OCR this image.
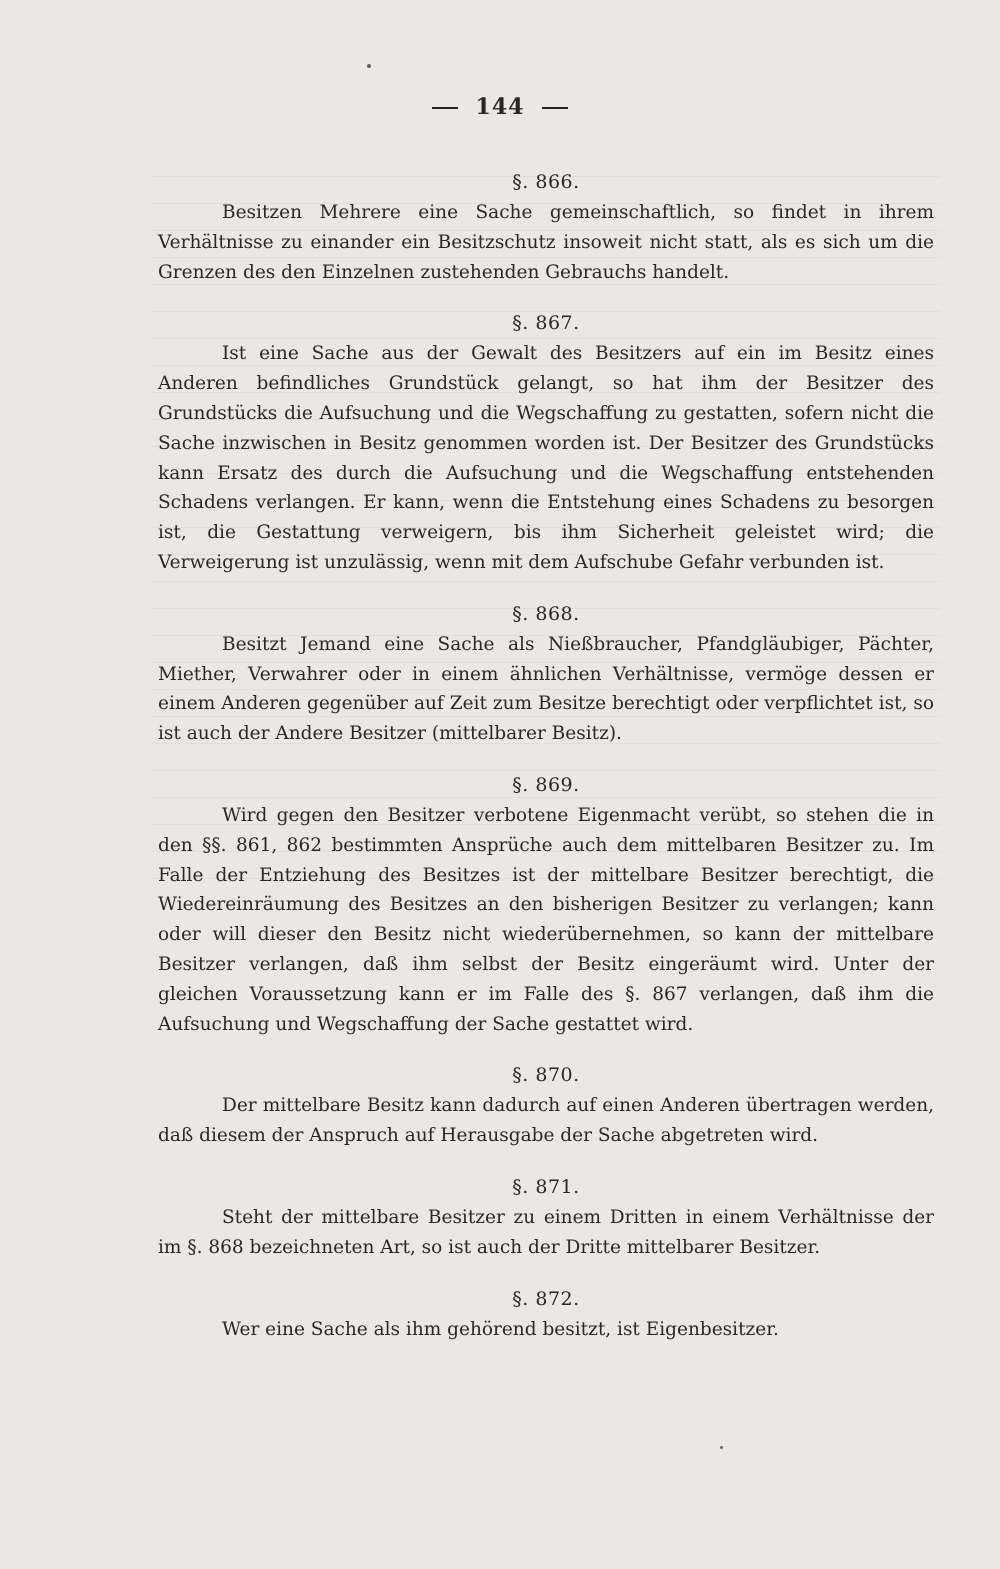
144
§. 866.

Besitzen Mehrere eine Sache gemeinschaftlich, so findet in ihrem Verhältnisse zu einander ein Besitzschutz insoweit nicht statt, als es sich um die Grenzen des den Einzelnen zustehenden Gebrauchs handelt.

§. 867.

Ist eine Sache aus der Gewalt des Besitzers auf ein im Besitz eines Anderen befindliches Grundstück gelangt, so hat ihm der Besitzer des Grundstücks die Aufsuchung und die Wegschaffung zu gestatten, sofern nicht die Sache inzwischen in Besitz genommen worden ist. Der Besitzer des Grundstücks kann Ersatz des durch die Aufsuchung und die Wegschaffung entstehenden Schadens verlangen. Er kann, wenn die Entstehung eines Schadens zu besorgen ist, die Gestattung verweigern, bis ihm Sicherheit geleistet wird; die Verweigerung ist unzulässig, wenn mit dem Aufschube Gefahr verbunden ist.

§. 868.

Besitzt Jemand eine Sache als Nießbraucher, Pfandgläubiger, Pächter, Miether, Verwahrer oder in einem ähnlichen Verhältnisse, vermöge dessen er einem Anderen gegenüber auf Zeit zum Besitze berechtigt oder verpflichtet ist, so ist auch der Andere Besitzer (mittelbarer Besitz).

§. 869.

Wird gegen den Besitzer verbotene Eigenmacht verübt, so stehen die in den §§. 861, 862 bestimmten Ansprüche auch dem mittelbaren Besitzer zu. Im Falle der Entziehung des Besitzes ist der mittelbare Besitzer berechtigt, die Wiedereinräumung des Besitzes an den bisherigen Besitzer zu verlangen; kann oder will dieser den Besitz nicht wiederübernehmen, so kann der mittelbare Besitzer verlangen, daß ihm selbst der Besitz eingeräumt wird. Unter der gleichen Voraussetzung kann er im Falle des §. 867 verlangen, daß ihm die Aufsuchung und Wegschaffung der Sache gestattet wird.

§. 870.

Der mittelbare Besitz kann dadurch auf einen Anderen übertragen werden, daß diesem der Anspruch auf Herausgabe der Sache abgetreten wird.

§. 871.

Steht der mittelbare Besitzer zu einem Dritten in einem Verhältnisse der im §. 868 bezeichneten Art, so ist auch der Dritte mittelbarer Besitzer.

§. 872.

Wer eine Sache als ihm gehörend besitzt, ist Eigenbesitzer.
